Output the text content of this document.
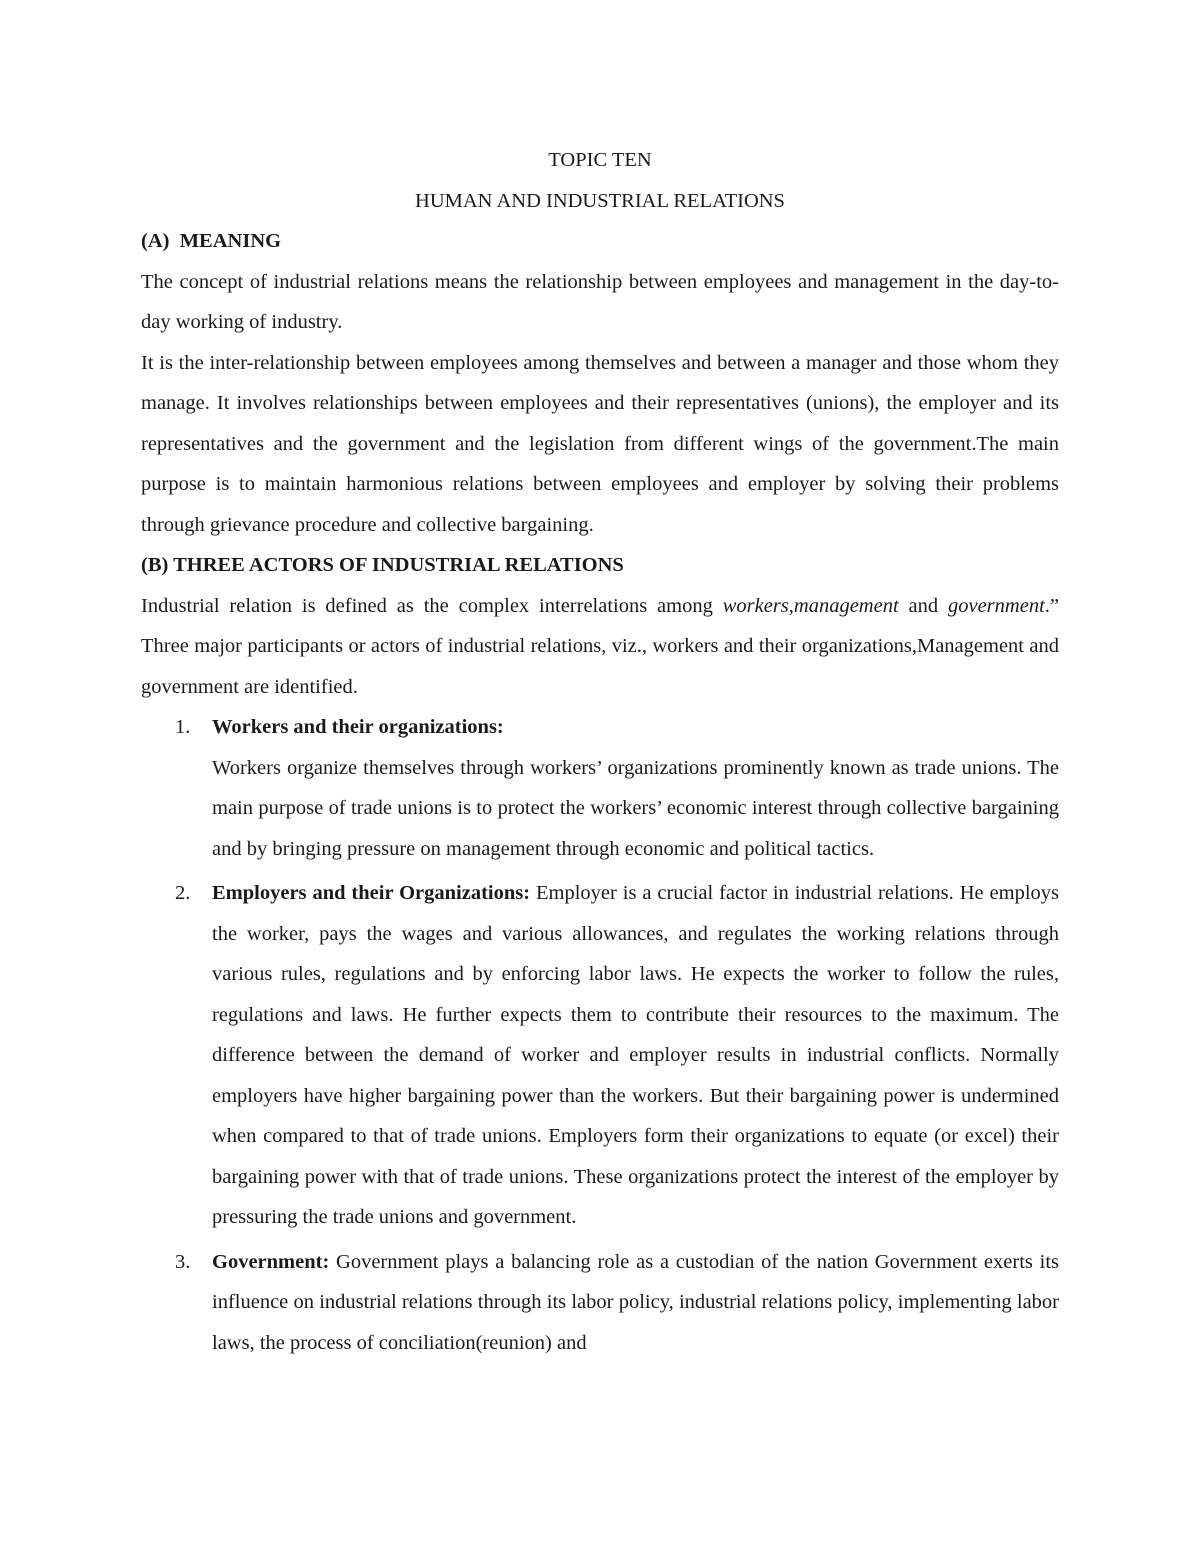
TOPIC TEN

HUMAN AND INDUSTRIAL RELATIONS

(A)  MEANING

The concept of industrial relations means the relationship between employees and management in the day-to-day working of industry.

It is the inter-relationship between employees among themselves and between a manager and those whom they manage. It involves relationships between employees and their representatives (unions), the employer and its representatives and the government and the legislation from different wings of the government.The main purpose is to maintain harmonious relations between employees and employer by solving their problems through grievance procedure and collective bargaining.

(B) THREE ACTORS OF INDUSTRIAL RELATIONS

Industrial relation is defined as the complex interrelations among workers,management and government.” Three major participants or actors of industrial relations, viz., workers and their organizations,Management and government are identified.

1. Workers and their organizations:
Workers organize themselves through workers’ organizations prominently known as trade unions. The main purpose of trade unions is to protect the workers’ economic interest through collective bargaining and by bringing pressure on management through economic and political tactics.
2. Employers and their Organizations: Employer is a crucial factor in industrial relations. He employs the worker, pays the wages and various allowances, and regulates the working relations through various rules, regulations and by enforcing labor laws. He expects the worker to follow the rules, regulations and laws. He further expects them to contribute their resources to the maximum. The difference between the demand of worker and employer results in industrial conflicts. Normally employers have higher bargaining power than the workers. But their bargaining power is undermined when compared to that of trade unions. Employers form their organizations to equate (or excel) their bargaining power with that of trade unions. These organizations protect the interest of the employer by pressuring the trade unions and government.
3. Government: Government plays a balancing role as a custodian of the nation Government exerts its influence on industrial relations through its labor policy, industrial relations policy, implementing labor laws, the process of conciliation(reunion) and
